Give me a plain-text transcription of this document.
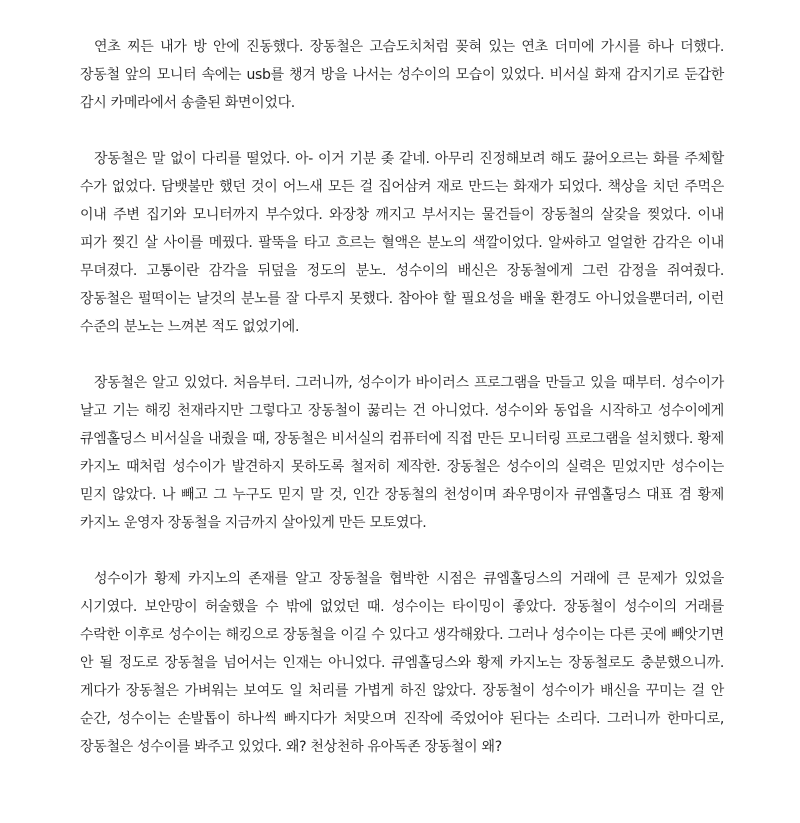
연초 찌든 내가 방 안에 진동했다. 장동철은 고슴도치처럼 꽂혀 있는 연초 더미에 가시를 하나 더했다. 장동철 앞의 모니터 속에는 usb를 챙겨 방을 나서는 성수이의 모습이 있었다. 비서실 화재 감지기로 둔갑한 감시 카메라에서 송출된 화면이었다.

장동철은 말 없이 다리를 떨었다. 아- 이거 기분 좆 같네. 아무리 진정해보려 해도 끓어오르는 화를 주체할 수가 없었다. 담뱃불만 했던 것이 어느새 모든 걸 집어삼켜 재로 만드는 화재가 되었다. 책상을 치던 주먹은 이내 주변 집기와 모니터까지 부수었다. 와장창 깨지고 부서지는 물건들이 장동철의 살갗을 찢었다. 이내 피가 찢긴 살 사이를 메꿨다. 팔뚝을 타고 흐르는 혈액은 분노의 색깔이었다. 알싸하고 얼얼한 감각은 이내 무뎌졌다. 고통이란 감각을 뒤덮을 정도의 분노. 성수이의 배신은 장동철에게 그런 감정을 쥐여줬다. 장동철은 펄떡이는 날것의 분노를 잘 다루지 못했다. 참아야 할 필요성을 배울 환경도 아니었을뿐더러, 이런 수준의 분노는 느껴본 적도 없었기에.

장동철은 알고 있었다. 처음부터. 그러니까, 성수이가 바이러스 프로그램을 만들고 있을 때부터. 성수이가 날고 기는 해킹 천재라지만 그렇다고 장동철이 꿇리는 건 아니었다. 성수이와 동업을 시작하고 성수이에게 큐엠홀딩스 비서실을 내줬을 때, 장동철은 비서실의 컴퓨터에 직접 만든 모니터링 프로그램을 설치했다. 황제 카지노 때처럼 성수이가 발견하지 못하도록 철저히 제작한. 장동철은 성수이의 실력은 믿었지만 성수이는 믿지 않았다. 나 빼고 그 누구도 믿지 말 것, 인간 장동철의 천성이며 좌우명이자 큐엠홀딩스 대표 겸 황제 카지노 운영자 장동철을 지금까지 살아있게 만든 모토였다.

성수이가 황제 카지노의 존재를 알고 장동철을 협박한 시점은 큐엠홀딩스의 거래에 큰 문제가 있었을 시기였다. 보안망이 허술했을 수 밖에 없었던 때. 성수이는 타이밍이 좋았다. 장동철이 성수이의 거래를 수락한 이후로 성수이는 해킹으로 장동철을 이길 수 있다고 생각해왔다. 그러나 성수이는 다른 곳에 빼앗기면 안 될 정도로 장동철을 넘어서는 인재는 아니었다. 큐엠홀딩스와 황제 카지노는 장동철로도 충분했으니까. 게다가 장동철은 가벼워는 보여도 일 처리를 가볍게 하진 않았다. 장동철이 성수이가 배신을 꾸미는 걸 안 순간, 성수이는 손발톱이 하나씩 빠지다가 처맞으며 진작에 죽었어야 된다는 소리다. 그러니까 한마디로, 장동철은 성수이를 봐주고 있었다. 왜? 천상천하 유아독존 장동철이 왜?
